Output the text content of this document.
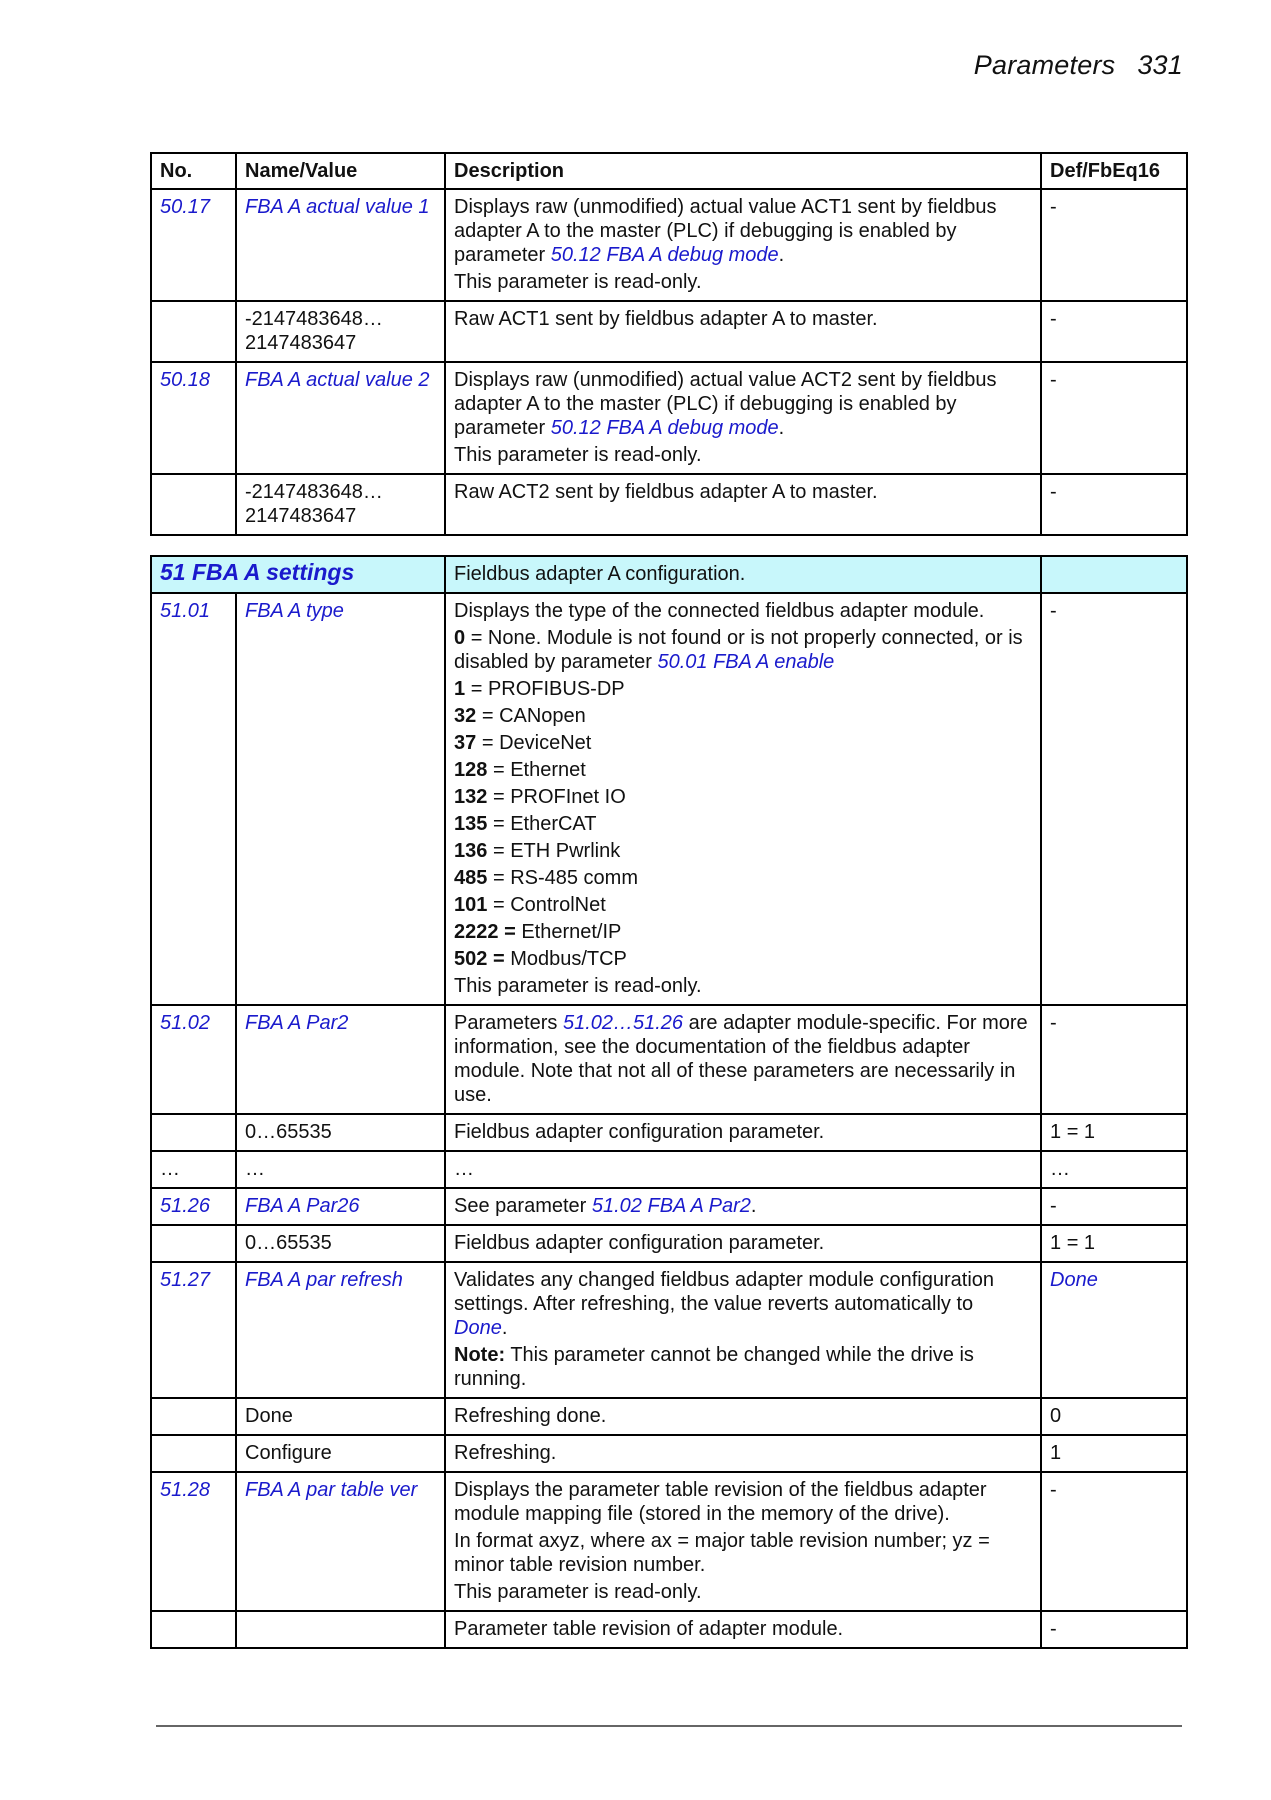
Parameters 331
No.	Name/Value	Description	Def/FbEq16
50.17	FBA A actual value 1	Displays raw (unmodified) actual value ACT1 sent by fieldbus adapter A to the master (PLC) if debugging is enabled by parameter 50.12 FBA A debug mode.

This parameter is read-only.	-
	-2147483648… 2147483647	Raw ACT1 sent by fieldbus adapter A to master.	-
50.18	FBA A actual value 2	Displays raw (unmodified) actual value ACT2 sent by fieldbus adapter A to the master (PLC) if debugging is enabled by parameter 50.12 FBA A debug mode.

This parameter is read-only.	-
	-2147483648… 2147483647	Raw ACT2 sent by fieldbus adapter A to master.	-
51 FBA A settings		Fieldbus adapter A configuration.	
51.01	FBA A type	Displays the type of the connected fieldbus adapter module.

0 = None. Module is not found or is not properly connected, or is disabled by parameter 50.01 FBA A enable

1 = PROFIBUS-DP

32 = CANopen

37 = DeviceNet

128 = Ethernet

132 = PROFInet IO

135 = EtherCAT

136 = ETH Pwrlink

485 = RS-485 comm

101 = ControlNet

2222 = Ethernet/IP

502 = Modbus/TCP

This parameter is read-only.

	-
51.02	FBA A Par2	Parameters 51.02…51.26 are adapter module-specific. For more information, see the documentation of the fieldbus adapter module. Note that not all of these parameters are necessarily in use.	-
	0…65535	Fieldbus adapter configuration parameter.	1 = 1
…	…	…	…
51.26	FBA A Par26	See parameter 51.02 FBA A Par2.	-
	0…65535	Fieldbus adapter configuration parameter.	1 = 1
51.27	FBA A par refresh	Validates any changed fieldbus adapter module configuration settings. After refreshing, the value reverts automatically to Done.

Note: This parameter cannot be changed while the drive is running.	Done
	Done	Refreshing done.	0
	Configure	Refreshing.	1
51.28	FBA A par table ver	Displays the parameter table revision of the fieldbus adapter module mapping file (stored in the memory of the drive).

In format axyz, where ax = major table revision number; yz = minor table revision number.

This parameter is read-only.	-
		Parameter table revision of adapter module.	-
